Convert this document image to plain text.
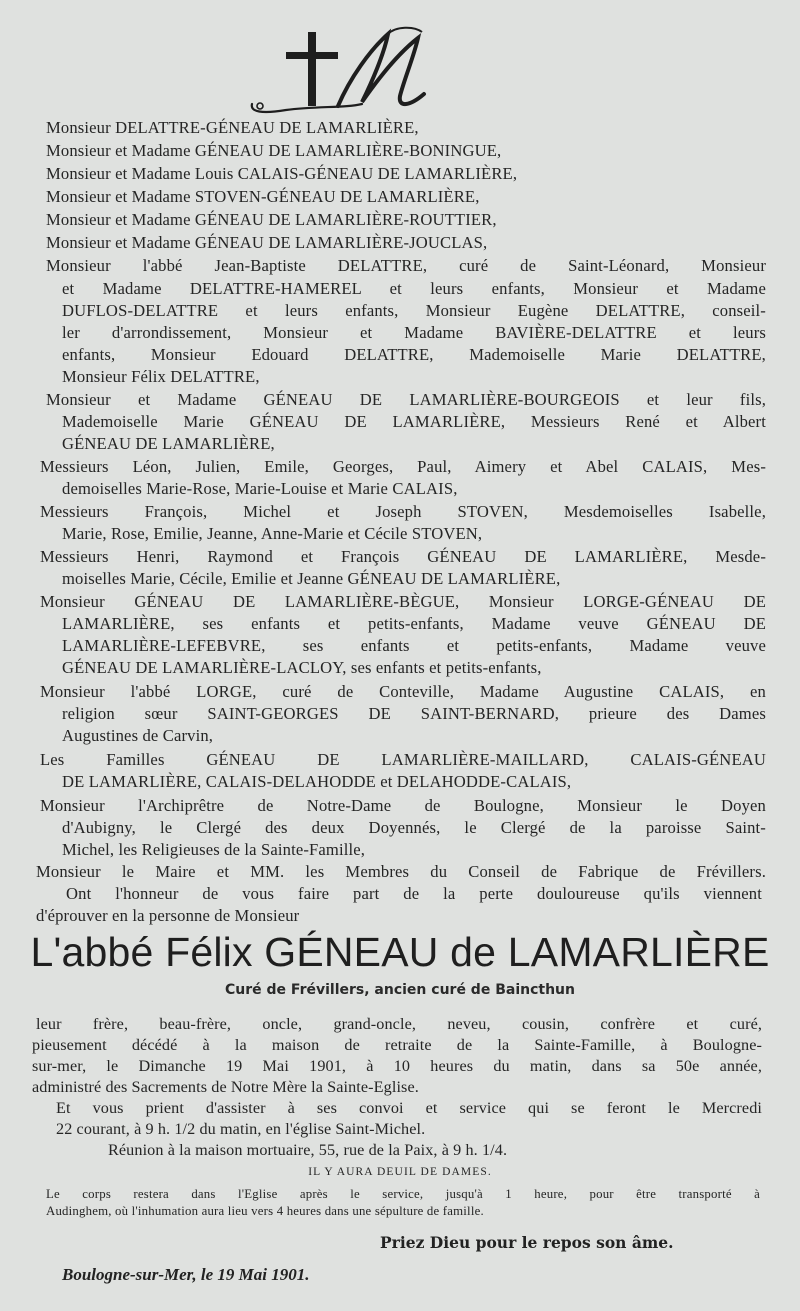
Monsieur DELATTRE-GÉNEAU DE LAMARLIÈRE,
Monsieur et Madame GÉNEAU DE LAMARLIÈRE-BONINGUE,
Monsieur et Madame Louis CALAIS-GÉNEAU DE LAMARLIÈRE,
Monsieur et Madame STOVEN-GÉNEAU DE LAMARLIÈRE,
Monsieur et Madame GÉNEAU DE LAMARLIÈRE-ROUTTIER,
Monsieur et Madame GÉNEAU DE LAMARLIÈRE-JOUCLAS,
Monsieur l'abbé Jean-Baptiste DELATTRE, curé de Saint-Léonard, Monsieur
et Madame DELATTRE-HAMEREL et leurs enfants, Monsieur et Madame
DUFLOS-DELATTRE et leurs enfants, Monsieur Eugène DELATTRE, conseil-
ler d'arrondissement, Monsieur et Madame BAVIÈRE-DELATTRE et leurs
enfants, Monsieur Edouard DELATTRE, Mademoiselle Marie DELATTRE,
Monsieur Félix DELATTRE,
Monsieur et Madame GÉNEAU DE LAMARLIÈRE-BOURGEOIS et leur fils,
Mademoiselle Marie GÉNEAU DE LAMARLIÈRE, Messieurs René et Albert
GÉNEAU DE LAMARLIÈRE,
Messieurs Léon, Julien, Emile, Georges, Paul, Aimery et Abel CALAIS, Mes-
demoiselles Marie-Rose, Marie-Louise et Marie CALAIS,
Messieurs François, Michel et Joseph STOVEN, Mesdemoiselles Isabelle,
Marie, Rose, Emilie, Jeanne, Anne-Marie et Cécile STOVEN,
Messieurs Henri, Raymond et François GÉNEAU DE LAMARLIÈRE, Mesde-
moiselles Marie, Cécile, Emilie et Jeanne GÉNEAU DE LAMARLIÈRE,
Monsieur GÉNEAU DE LAMARLIÈRE-BÈGUE, Monsieur LORGE-GÉNEAU DE
LAMARLIÈRE, ses enfants et petits-enfants, Madame veuve GÉNEAU DE
LAMARLIÈRE-LEFEBVRE, ses enfants et petits-enfants, Madame veuve
GÉNEAU DE LAMARLIÈRE-LACLOY, ses enfants et petits-enfants,
Monsieur l'abbé LORGE, curé de Conteville, Madame Augustine CALAIS, en
religion sœur SAINT-GEORGES DE SAINT-BERNARD, prieure des Dames
Augustines de Carvin,
Les Familles GÉNEAU DE LAMARLIÈRE-MAILLARD, CALAIS-GÉNEAU
DE LAMARLIÈRE, CALAIS-DELAHODDE et DELAHODDE-CALAIS,
Monsieur l'Archiprêtre de Notre-Dame de Boulogne, Monsieur le Doyen
d'Aubigny, le Clergé des deux Doyennés, le Clergé de la paroisse Saint-
Michel, les Religieuses de la Sainte-Famille,
Monsieur le Maire et MM. les Membres du Conseil de Fabrique de Frévillers.
Ont l'honneur de vous faire part de la perte douloureuse qu'ils viennent
d'éprouver en la personne de Monsieur
L'abbé Félix GÉNEAU de LAMARLIÈRE
Curé de Frévillers, ancien curé de Baincthun
leur frère, beau-frère, oncle, grand-oncle, neveu, cousin, confrère et curé,
pieusement décédé à la maison de retraite de la Sainte-Famille, à Boulogne-
sur-mer, le Dimanche 19 Mai 1901, à 10 heures du matin, dans sa 50e année,
administré des Sacrements de Notre Mère la Sainte-Eglise.
Et vous prient d'assister à ses convoi et service qui se feront le Mercredi
22 courant, à 9 h. 1/2 du matin, en l'église Saint-Michel.
Réunion à la maison mortuaire, 55, rue de la Paix, à 9 h. 1/4.
IL Y AURA DEUIL DE DAMES.
Le corps restera dans l'Eglise après le service, jusqu'à 1 heure, pour être transporté à
Audinghem, où l'inhumation aura lieu vers 4 heures dans une sépulture de famille.
Priez Dieu pour le repos son âme.
Boulogne-sur-Mer, le 19 Mai 1901.
